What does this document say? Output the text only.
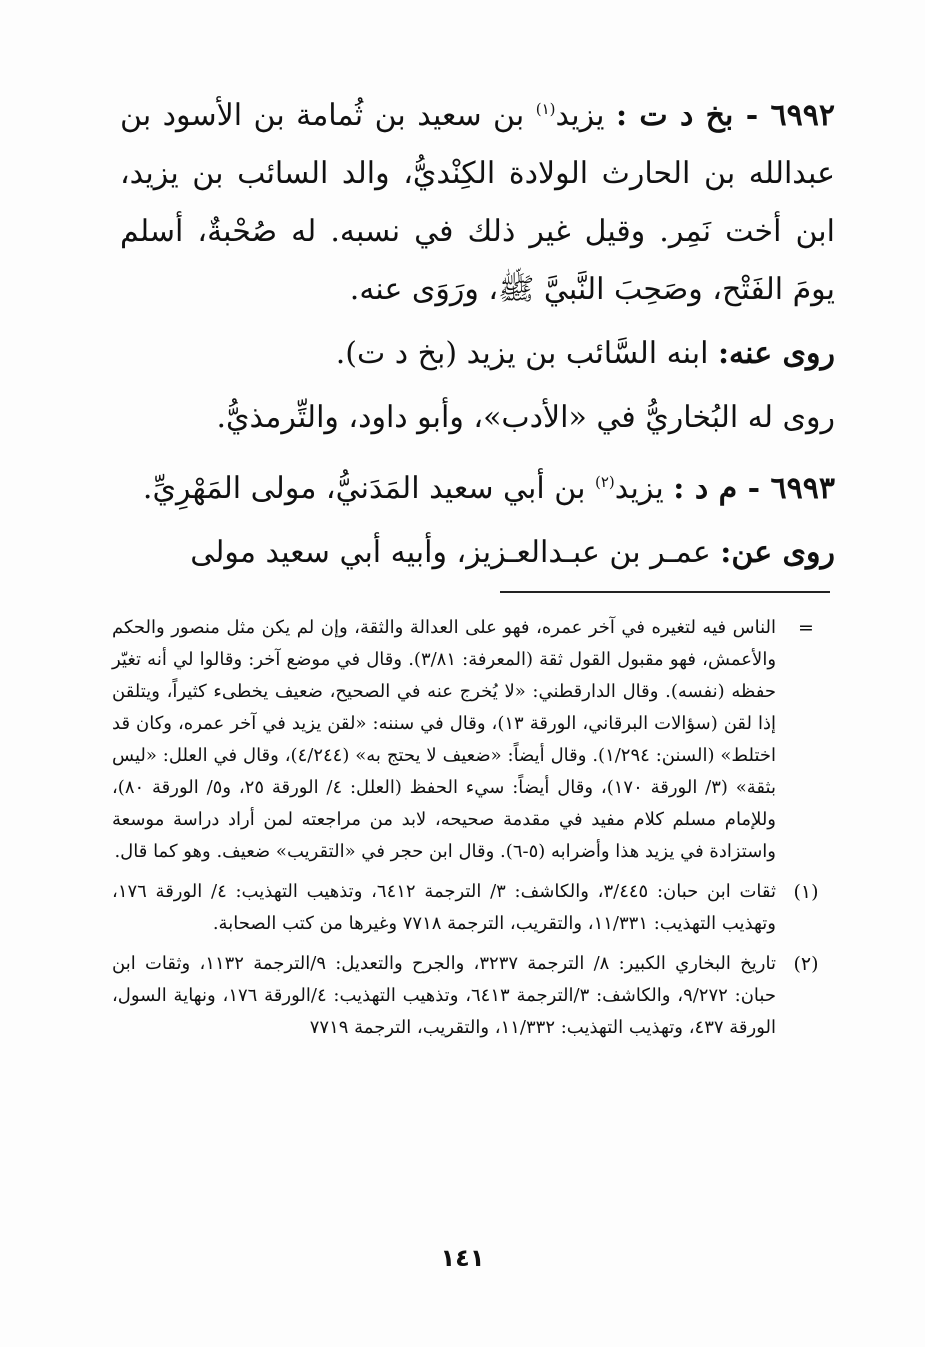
٦٩٩٢ - بخ د ت : يزيد$^{(١)}$ بن سعيد بن ثُمامة بن الأسود بن عبدالله بن الحارث الولادة الكِنْديُّ، والد السائب بن يزيد، ابن أخت نَمِر. وقيل غير ذلك في نسبه. له صُحْبةٌ، أسلم يومَ الفَتْح، وصَحِبَ النَّبيَّ ﷺ، ورَوَى عنه.

روى عنه: ابنه السَّائب بن يزيد (بخ د ت).

روى له البُخاريُّ في «الأدب»، وأبو داود، والتِّرمذيُّ.

٦٩٩٣ - م د : يزيد$^{(٢)}$ بن أبي سعيد المَدَنيُّ، مولى المَهْرِيِّ.

روى عن: عمـر بن عبـدالعـزيز، وأبيه أبي سعيد مولى

=
الناس فيه لتغيره في آخر عمره، فهو على العدالة والثقة، وإن لم يكن مثل منصور والحكم والأعمش، فهو مقبول القول ثقة (المعرفة: ٣/٨١). وقال في موضع آخر: وقالوا لي أنه تغيّر حفظه (نفسه). وقال الدارقطني: «لا يُخرج عنه في الصحيح، ضعيف يخطىء كثيراً، ويتلقن إذا لقن (سؤالات البرقاني، الورقة ١٣)، وقال في سننه: «لقن يزيد في آخر عمره، وكان قد اختلط» (السنن: ١/٢٩٤). وقال أيضاً: «ضعيف لا يحتج به» (٤/٢٤٤)، وقال في العلل: «ليس بثقة» (٣/ الورقة ١٧٠)، وقال أيضاً: سيء الحفظ (العلل: ٤/ الورقة ٢٥، و٥/ الورقة ٨٠)، وللإمام مسلم كلام مفيد في مقدمة صحيحه، لابد من مراجعته لمن أراد دراسة موسعة واستزادة في يزيد هذا وأضرابه (٥-٦). وقال ابن حجر في «التقريب» ضعيف. وهو كما قال.
(١)
ثقات ابن حبان: ٣/٤٤٥، والكاشف: ٣/ الترجمة ٦٤١٢، وتذهيب التهذيب: ٤/ الورقة ١٧٦، وتهذيب التهذيب: ١١/٣٣١، والتقريب، الترجمة ٧٧١٨ وغيرها من كتب الصحابة.
(٢)
تاريخ البخاري الكبير: ٨/ الترجمة ٣٢٣٧، والجرح والتعديل: ٩/الترجمة ١١٣٢، وثقات ابن حبان: ٩/٢٧٢، والكاشف: ٣/الترجمة ٦٤١٣، وتذهيب التهذيب: ٤/الورقة ١٧٦، ونهاية السول، الورقة ٤٣٧، وتهذيب التهذيب: ١١/٣٣٢، والتقريب، الترجمة ٧٧١٩
١٤١
